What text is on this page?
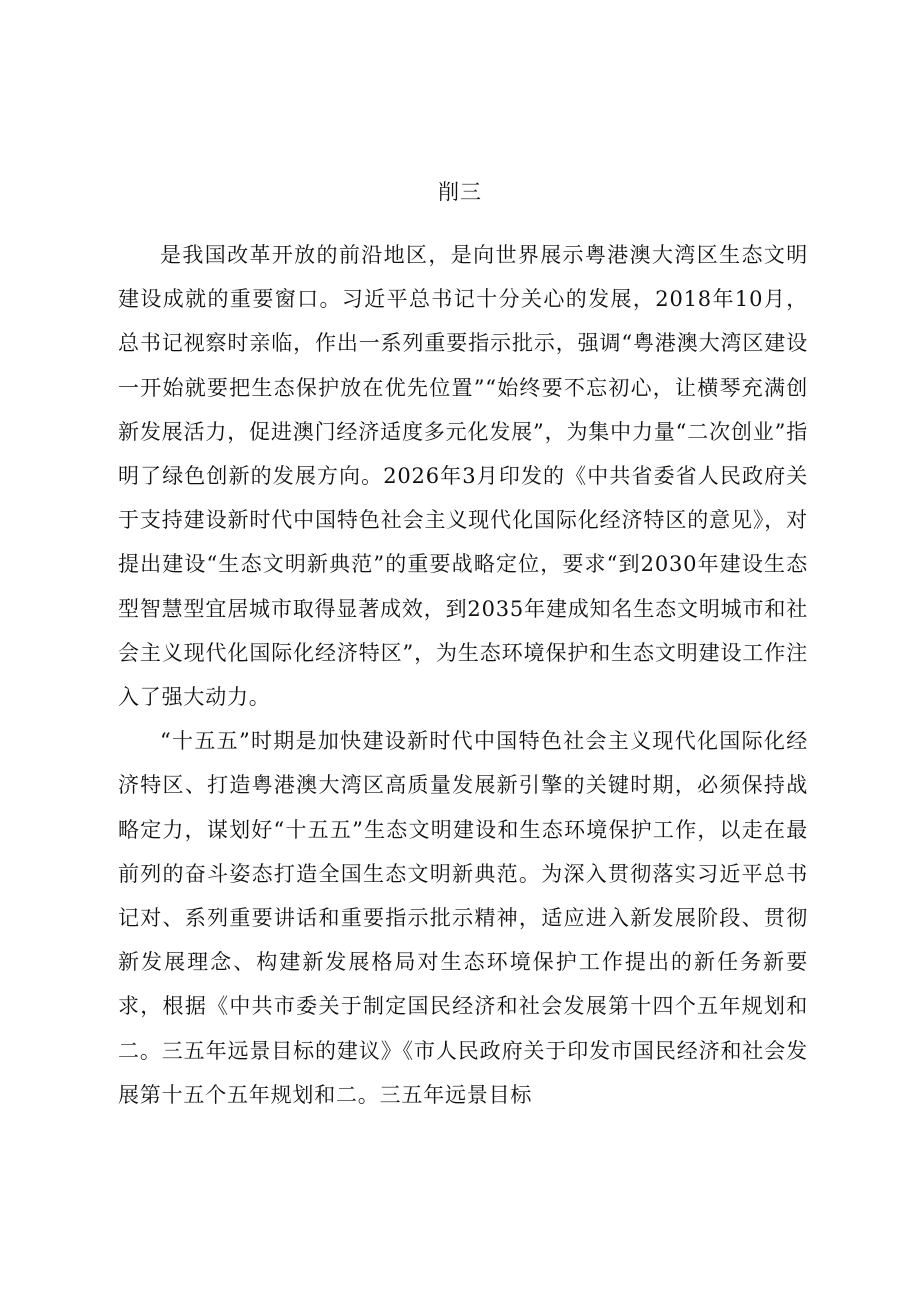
削三

是我国改革开放的前沿地区，是向世界展示粤港澳大湾区生态文明建设成就的重要窗口。习近平总书记十分关心的发展，2018年10月，总书记视察时亲临，作出一系列重要指示批示，强调“粤港澳大湾区建设一开始就要把生态保护放在优先位置”“始终要不忘初心，让横琴充满创新发展活力，促进澳门经济适度多元化发展”，为集中力量“二次创业”指明了绿色创新的发展方向。2026年3月印发的《中共省委省人民政府关于支持建设新时代中国特色社会主义现代化国际化经济特区的意见》，对提出建设“生态文明新典范”的重要战略定位，要求“到2030年建设生态型智慧型宜居城市取得显著成效，到2035年建成知名生态文明城市和社会主义现代化国际化经济特区”，为生态环境保护和生态文明建设工作注入了强大动力。

“十五五”时期是加快建设新时代中国特色社会主义现代化国际化经济特区、打造粤港澳大湾区高质量发展新引擎的关键时期，必须保持战略定力，谋划好“十五五”生态文明建设和生态环境保护工作，以走在最前列的奋斗姿态打造全国生态文明新典范。为深入贯彻落实习近平总书记对、系列重要讲话和重要指示批示精神，适应进入新发展阶段、贯彻新发展理念、构建新发展格局对生态环境保护工作提出的新任务新要求，根据《中共市委关于制定国民经济和社会发展第十四个五年规划和二。三五年远景目标的建议》《市人民政府关于印发市国民经济和社会发展第十五个五年规划和二。三五年远景目标
